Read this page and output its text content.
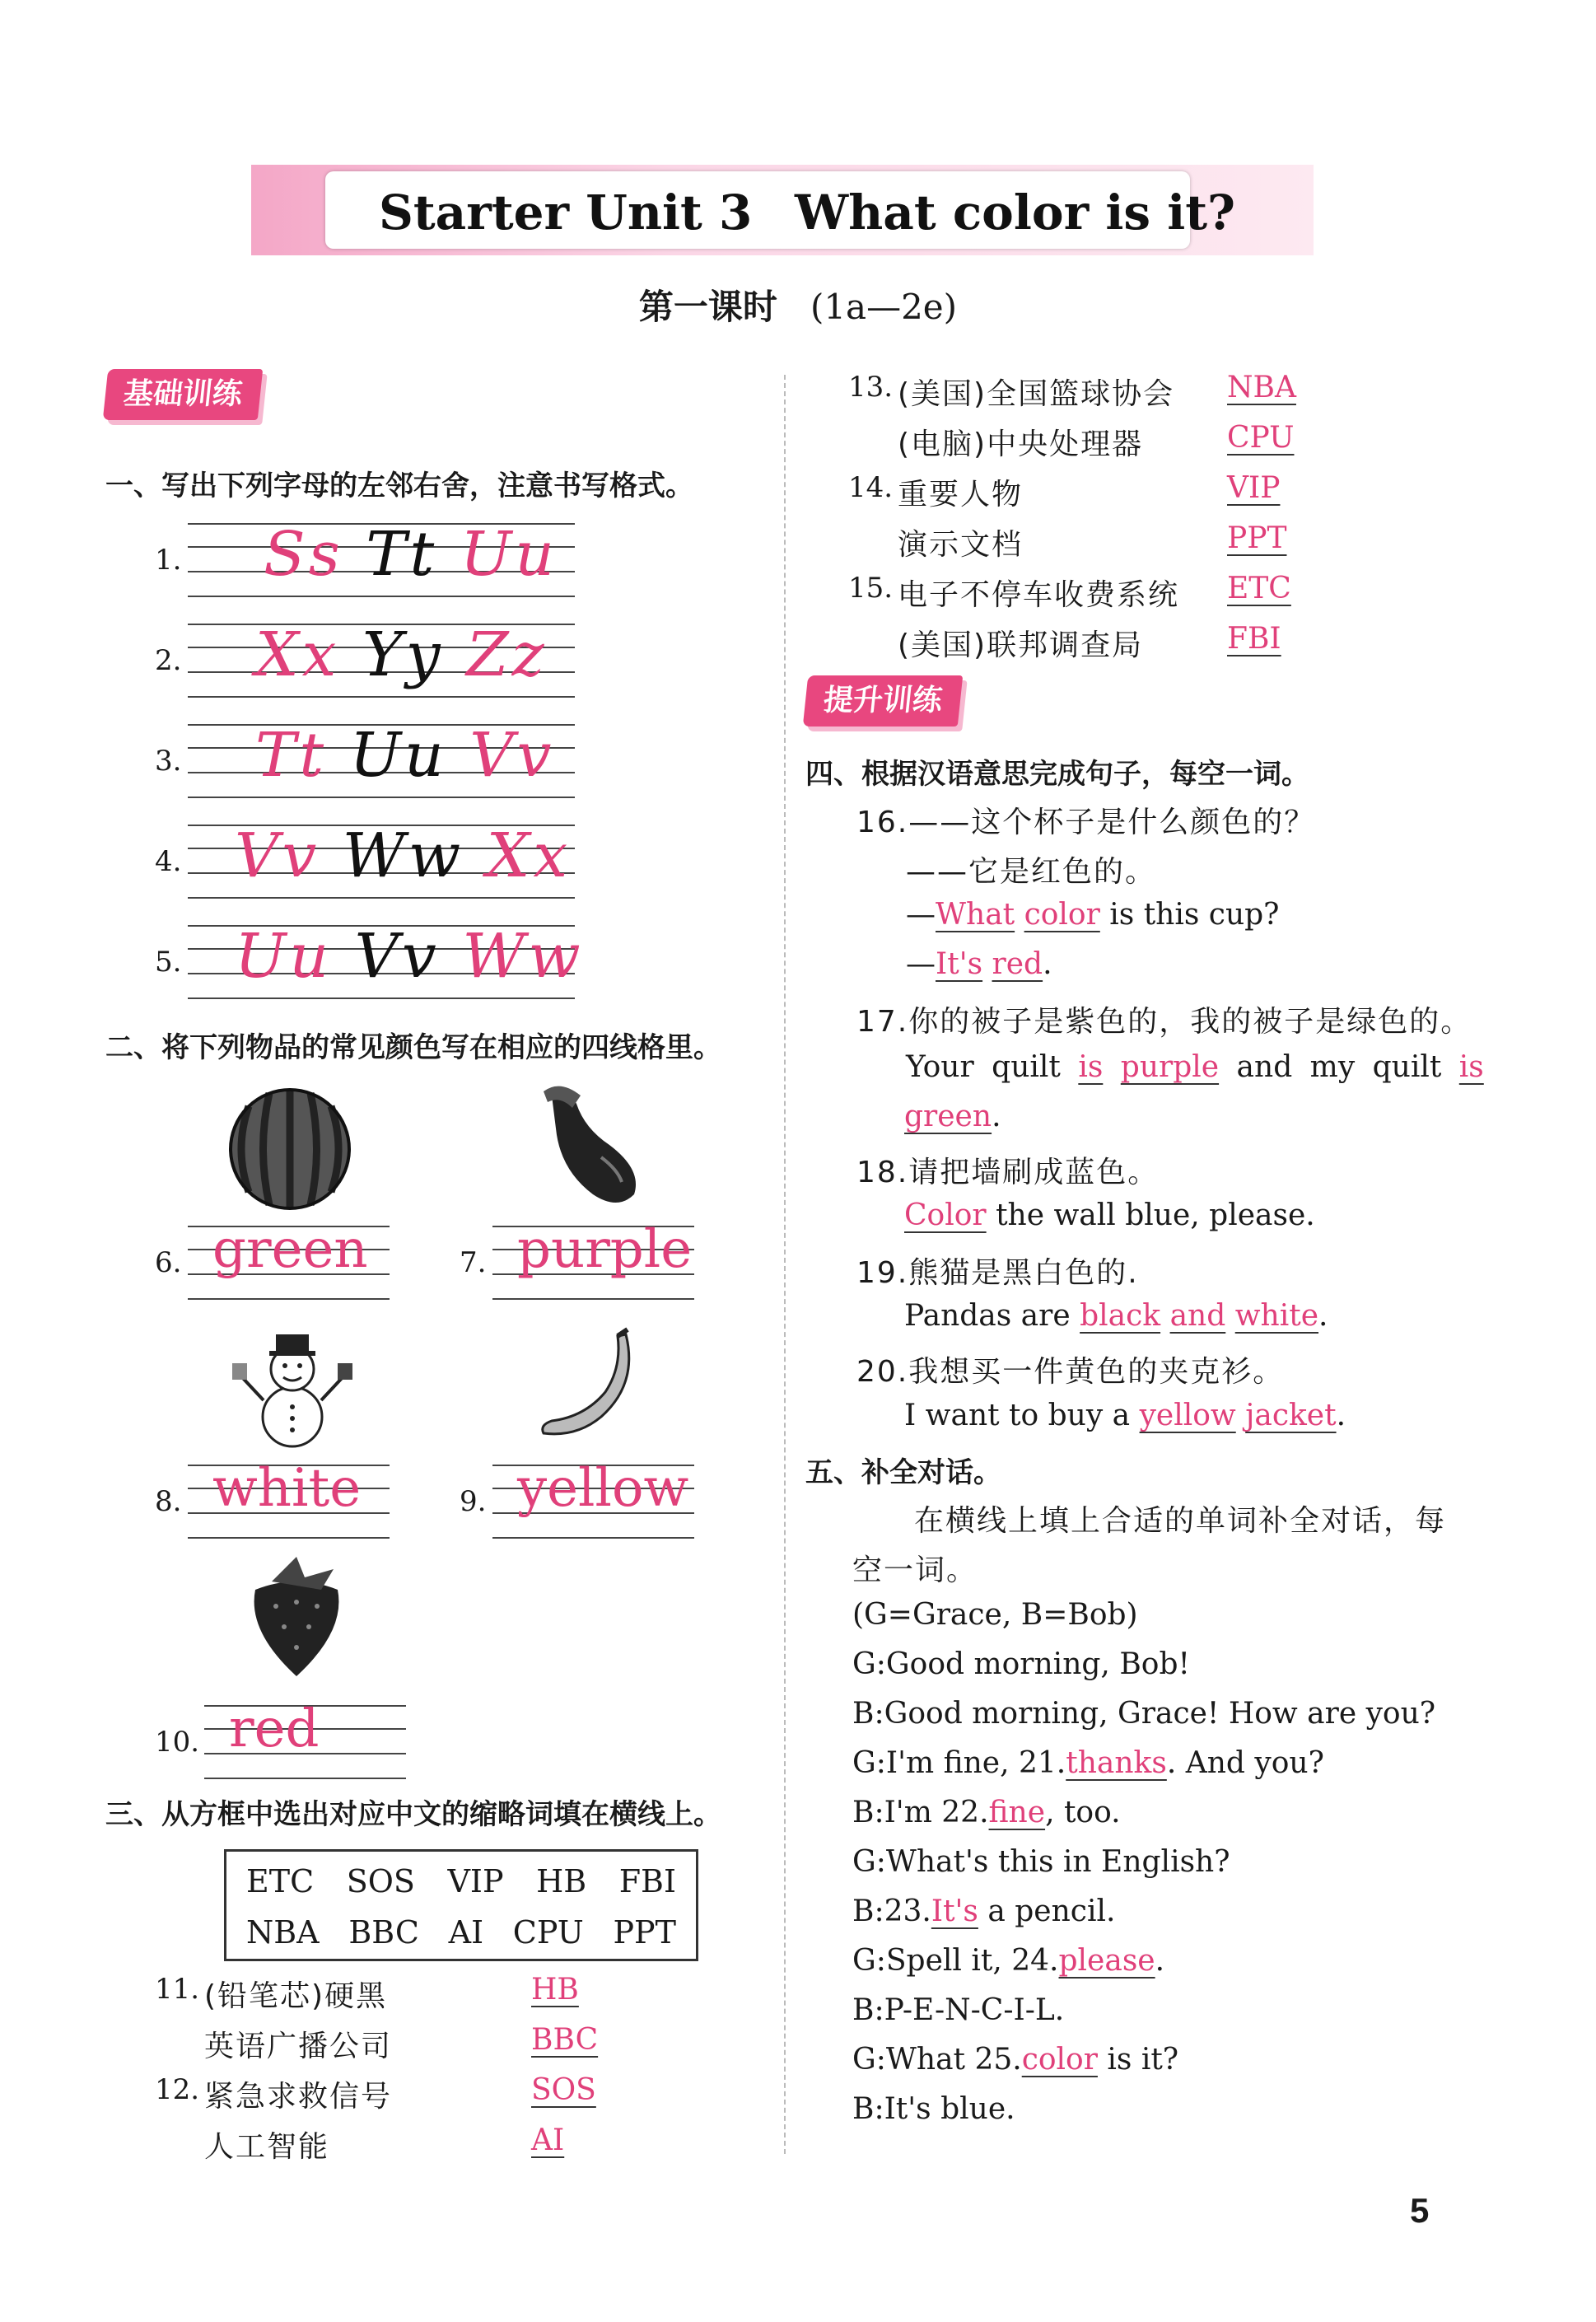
Starter Unit 3 What color is it?
第一课时 (1a—2e)
基础训练
一、写出下列字母的左邻右舍，注意书写格式。
1. Ss Tt Uu
2. Xx Yy Zz
3. Tt Uu Vv
4. Vv Ww Xx
5. Uu Vv Ww
二、将下列物品的常见颜色写在相应的四线格里。
6. green	7. purple
8. white	9. yellow
10. red
三、从方框中选出对应中文的缩略词填在横线上。
ETC SOS VIP HB FBI
NBA BBC AI CPU PPT
11. (铅笔芯)硬黑	HB
英语广播公司	BBC
12. 紧急求救信号	SOS
人工智能	AI
13. (美国)全国篮球协会 NBA
(电脑)中央处理器	CPU
14. 重要人物	VIP
演示文档	PPT
15. 电子不停车收费系统 ETC
(美国)联邦调查局	FBI
提升训练
四、根据汉语意思完成句子，每空一词。
16.——这个杯子是什么颜色的？
——它是红色的。
—What color is this cup?
—It's red.
17.你的被子是紫色的，我的被子是绿色的。
Your quilt is purple and my quilt is
green.
18.请把墙刷成蓝色。
Color the wall blue, please.
19.熊猫是黑白色的.
Pandas are black and white.
20.我想买一件黄色的夹克衫。
I want to buy a yellow jacket.
五、补全对话。
在横线上填上合适的单词补全对话，每
空一词。
(G=Grace, B=Bob)
G:Good morning, Bob!
B:Good morning, Grace! How are you?
G:I'm fine, 21.thanks. And you?
B:I'm 22.fine, too.
G:What's this in English?
B:23.It's a pencil.
G:Spell it, 24.please.
B:P-E-N-C-I-L.
G:What 25.color is it?
B:It's blue.
5
